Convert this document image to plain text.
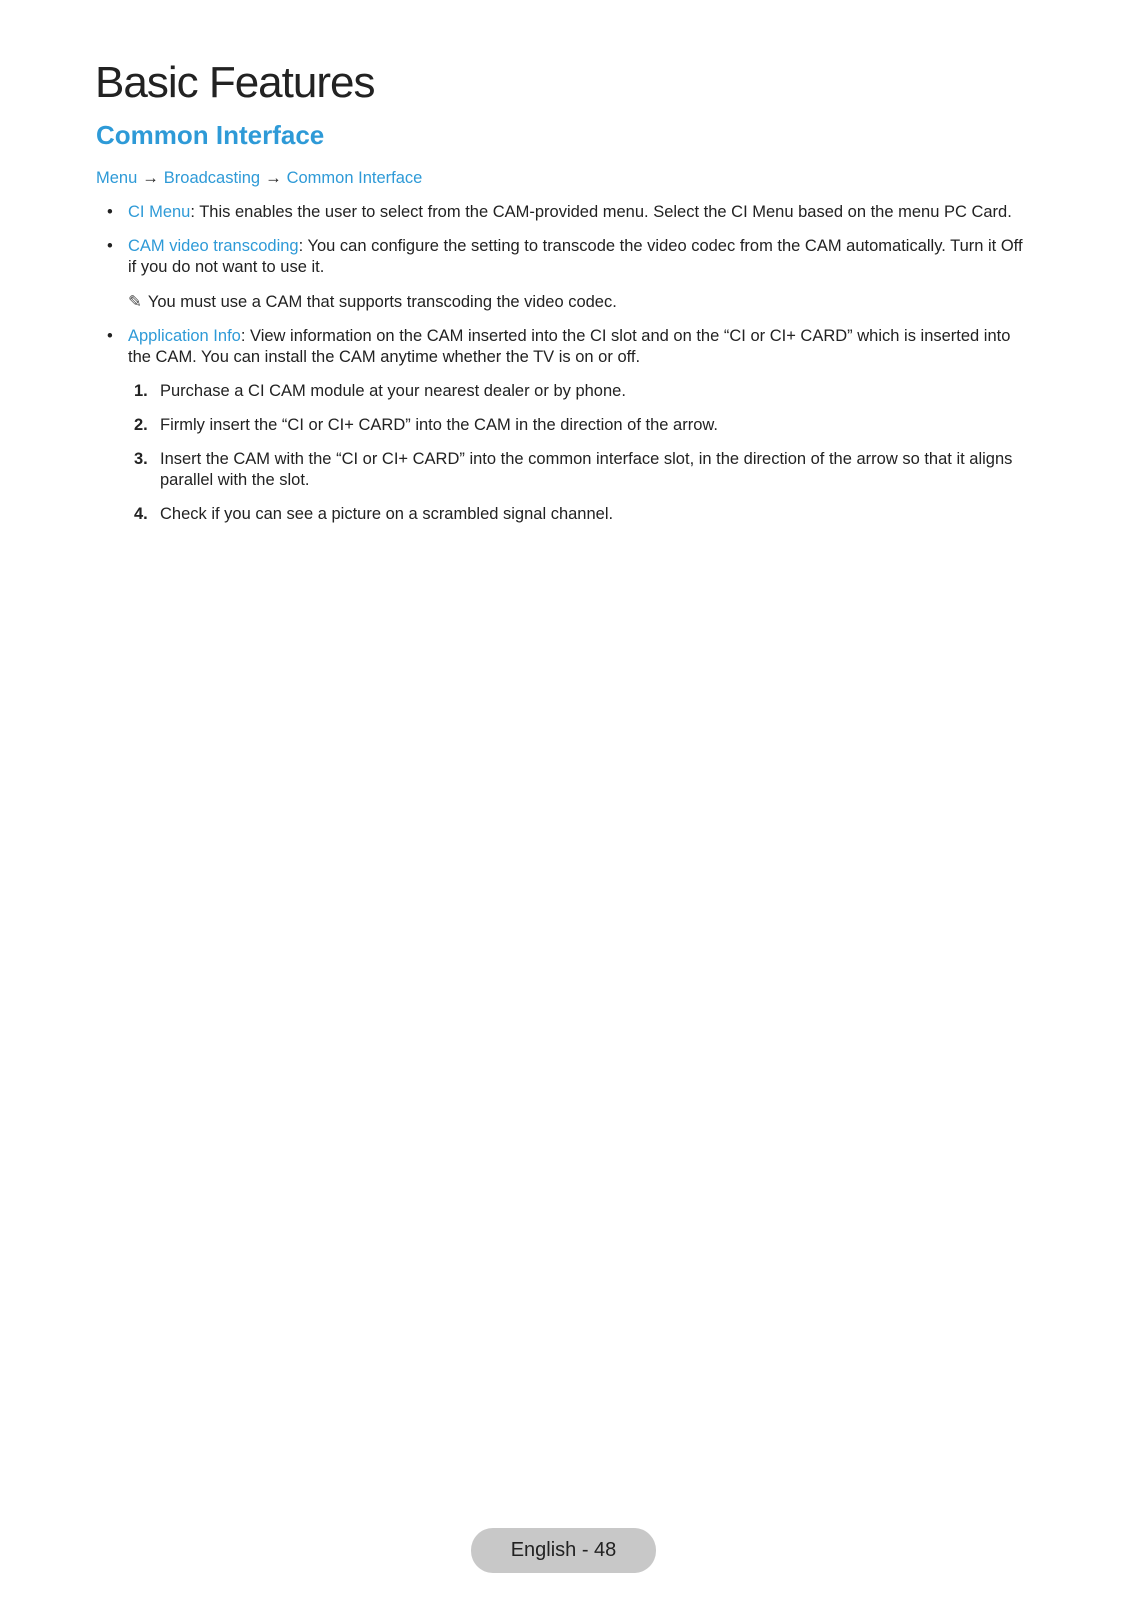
Basic Features
Common Interface
Menu → Broadcasting → Common Interface
• CI Menu: This enables the user to select from the CAM-provided menu. Select the CI Menu based on the menu PC Card.
• CAM video transcoding: You can configure the setting to transcode the video codec from the CAM automatically. Turn it Off if you do not want to use it.
✎ You must use a CAM that supports transcoding the video codec.
• Application Info: View information on the CAM inserted into the CI slot and on the “CI or CI+ CARD” which is inserted into the CAM. You can install the CAM anytime whether the TV is on or off.
1. Purchase a CI CAM module at your nearest dealer or by phone.
2. Firmly insert the “CI or CI+ CARD” into the CAM in the direction of the arrow.
3. Insert the CAM with the “CI or CI+ CARD” into the common interface slot, in the direction of the arrow so that it aligns parallel with the slot.
4. Check if you can see a picture on a scrambled signal channel.
English - 48
